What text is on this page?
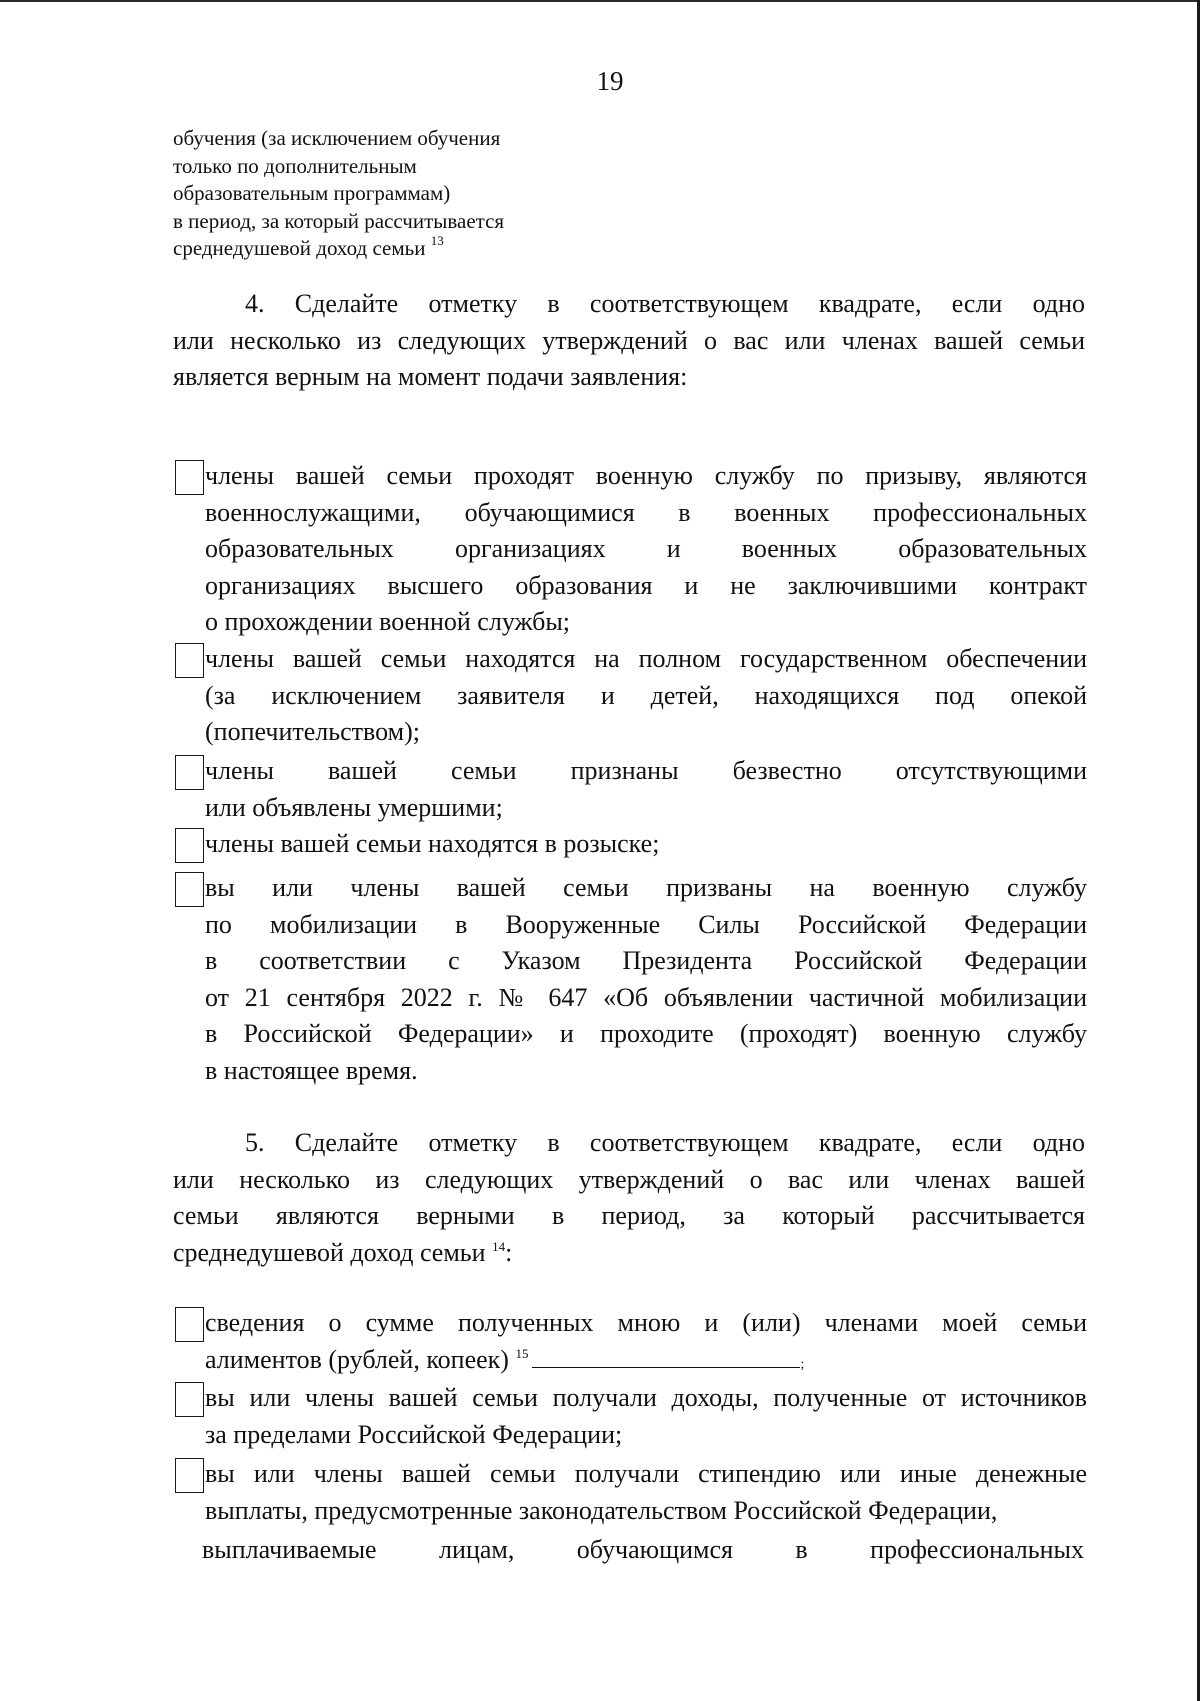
19
обучения (за исключением обучения
только по дополнительным
образовательным программам)
в период, за который рассчитывается
среднедушевой доход семьи $^{13}$
4. Сделайте отметку в соответствующем квадрате, если одно
или несколько из следующих утверждений о вас или членах вашей семьи
является верным на момент подачи заявления:
члены вашей семьи проходят военную службу по призыву, являются
военнослужащими, обучающимися в военных профессиональных
образовательных организациях и военных образовательных
организациях высшего образования и не заключившими контракт
о прохождении военной службы;
члены вашей семьи находятся на полном государственном обеспечении
(за исключением заявителя и детей, находящихся под опекой
(попечительством);
члены вашей семьи признаны безвестно отсутствующими
или объявлены умершими;
члены вашей семьи находятся в розыске;
вы или члены вашей семьи призваны на военную службу
по мобилизации в Вооруженные Силы Российской Федерации
в соответствии с Указом Президента Российской Федерации
от 21 сентября 2022 г. № 647 «Об объявлении частичной мобилизации
в Российской Федерации» и проходите (проходят) военную службу
в настоящее время.
5. Сделайте отметку в соответствующем квадрате, если одно
или несколько из следующих утверждений о вас или членах вашей
семьи являются верными в период, за который рассчитывается
среднедушевой доход семьи $^{14}$:
сведения о сумме полученных мною и (или) членами моей семьи
алиментов (рублей, копеек) $^{15}$;
вы или члены вашей семьи получали доходы, полученные от источников
за пределами Российской Федерации;
вы или члены вашей семьи получали стипендию или иные денежные
выплаты, предусмотренные законодательством Российской Федерации,
выплачиваемые лицам, обучающимся в профессиональных
